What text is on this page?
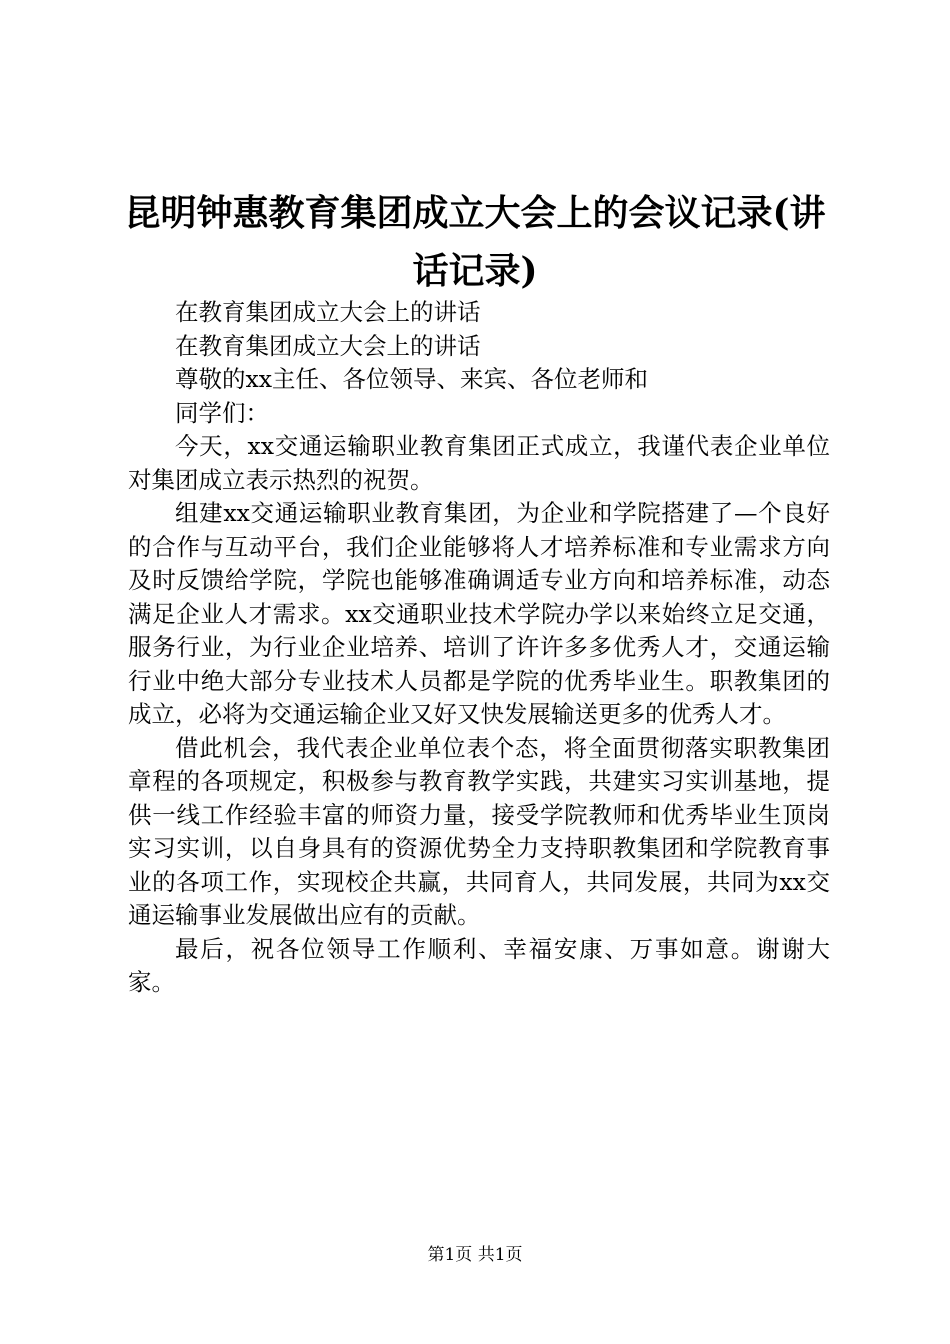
昆明钟惠教育集团成立大会上的会议记录(讲话记录)

在教育集团成立大会上的讲话

在教育集团成立大会上的讲话

尊敬的xx主任、各位领导、来宾、各位老师和

同学们：

今天，xx交通运输职业教育集团正式成立，我谨代表企业单位对集团成立表示热烈的祝贺。

组建xx交通运输职业教育集团，为企业和学院搭建了—个良好的合作与互动平台，我们企业能够将人才培养标准和专业需求方向及时反馈给学院，学院也能够准确调适专业方向和培养标准，动态满足企业人才需求。xx交通职业技术学院办学以来始终立足交通，服务行业，为行业企业培养、培训了许许多多优秀人才，交通运输行业中绝大部分专业技术人员都是学院的优秀毕业生。职教集团的成立，必将为交通运输企业又好又快发展输送更多的优秀人才。

借此机会，我代表企业单位表个态，将全面贯彻落实职教集团章程的各项规定，积极参与教育教学实践，共建实习实训基地，提供一线工作经验丰富的师资力量，接受学院教师和优秀毕业生顶岗实习实训，以自身具有的资源优势全力支持职教集团和学院教育事业的各项工作，实现校企共赢，共同育人，共同发展，共同为xx交通运输事业发展做出应有的贡献。

最后，祝各位领导工作顺利、幸福安康、万事如意。谢谢大家。

第1页 共1页
